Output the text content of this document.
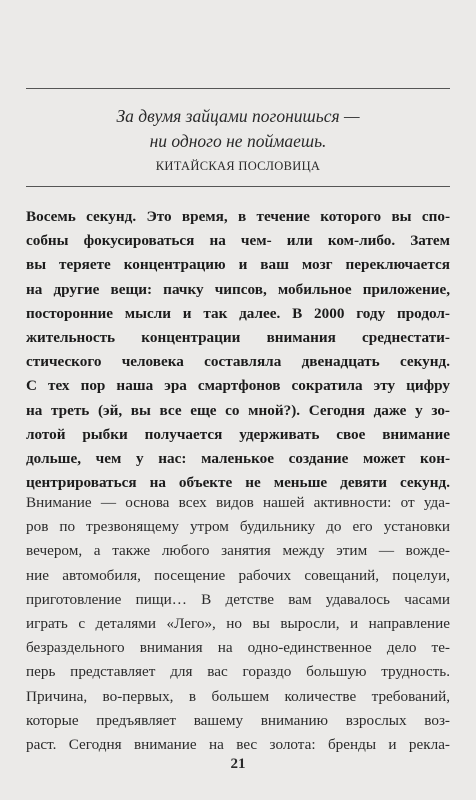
За двумя зайцами погонишься —
ни одного не поймаешь.
КИТАЙСКАЯ ПОСЛОВИЦА
Восемь секунд. Это время, в течение которого вы спо-
собны фокусироваться на чем- или ком-либо. Затем
вы теряете концентрацию и ваш мозг переключается
на другие вещи: пачку чипсов, мобильное приложение,
посторонние мысли и так далее. В 2000 году продол-
жительность концентрации внимания среднестати-
стического человека составляла двенадцать секунд.
С тех пор наша эра смартфонов сократила эту цифру
на треть (эй, вы все еще со мной?). Сегодня даже у зо-
лотой рыбки получается удерживать свое внимание
дольше, чем у нас: маленькое создание может кон-
центрироваться на объекте не меньше девяти секунд.
Внимание — основа всех видов нашей активности: от уда-
ров по трезвонящему утром будильнику до его установки
вечером, а также любого занятия между этим — вожде-
ние автомобиля, посещение рабочих совещаний, поцелуи,
приготовление пищи… В детстве вам удавалось часами
играть с деталями «Лего», но вы выросли, и направление
безраздельного внимания на одно-единственное дело те-
перь представляет для вас гораздо большую трудность.
Причина, во-первых, в большем количестве требований,
которые предъявляет вашему вниманию взрослых воз-
раст. Сегодня внимание на вес золота: бренды и рекла-
21
